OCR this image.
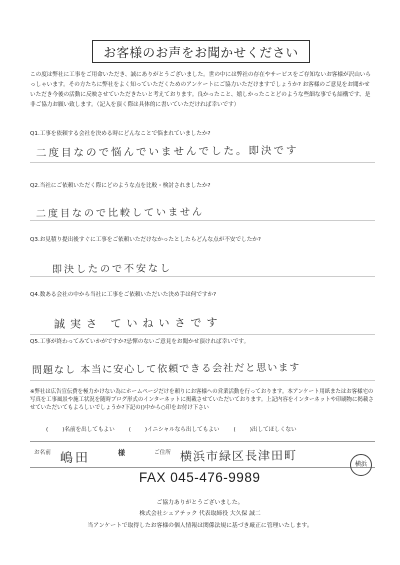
お客様のお声をお聞かせください
この度は弊社に工事をご用命いただき、誠にありがとうございました。世の中には弊社の存在やサービスをご存知ないお客様が沢山いらっしゃいます。その方たちに弊社をよく知っていただくためのアンケートにご協力いただけますでしょうか? お客様のご意見をお聞かせいただき今後の活動に反映させていただきたいと考えております。良かったこと、嬉しかったことどのような些細な事でも結構です、是非ご協力お願い致します。（記入を頂く際は具体的に書いていただければ幸いです）
Q1.工事を依頼する会社を決める時にどんなことで悩まれていましたか?
二度目なので悩んでいませんでした。即決です
Q2.当社にご依頼いただく際にどのような点を比較・検討されましたか?
二度目なので比較していません
Q3.お見積り提出後すぐに工事をご依頼いただけなかったとしたらどんな点が不安でしたか?
即決したので不安なし
Q4.数ある会社の中から当社に工事をご依頼いただいた決め手は何ですか?
誠実さ ていねいさです
Q5.工事が終わってみていかがですか?忌憚のないご意見をお聞かせ頂ければ幸いです。
問題なし 本当に安心して依頼できる会社だと思います
※弊社は広告宣伝費を極力かけない為にホームページだけを頼りにお客様への営業活動を行っております。本アンケート用紙またはお客様宅の写真を工事風景や施工状況を随時ブログ形式のインターネットに掲載させていただいております。上記内容をインターネットや印刷物に掲載させていただいてもよろしいでしょうか?下記の()中から○印をお付け下さい
(	)名前を出してもよい	(	)イニシャルなら出してもよい	(	)出してほしくない
お名前 嶋田	様	ご住所 横浜市緑区長津田町
FAX 045-476-9989
横浜
ご協力ありがとうございました。
株式会社シェアテック 代表取締役 大久保 誠二
当アンケートで取得したお客様の個人情報は関係法規に基づき厳正に管理いたします。
